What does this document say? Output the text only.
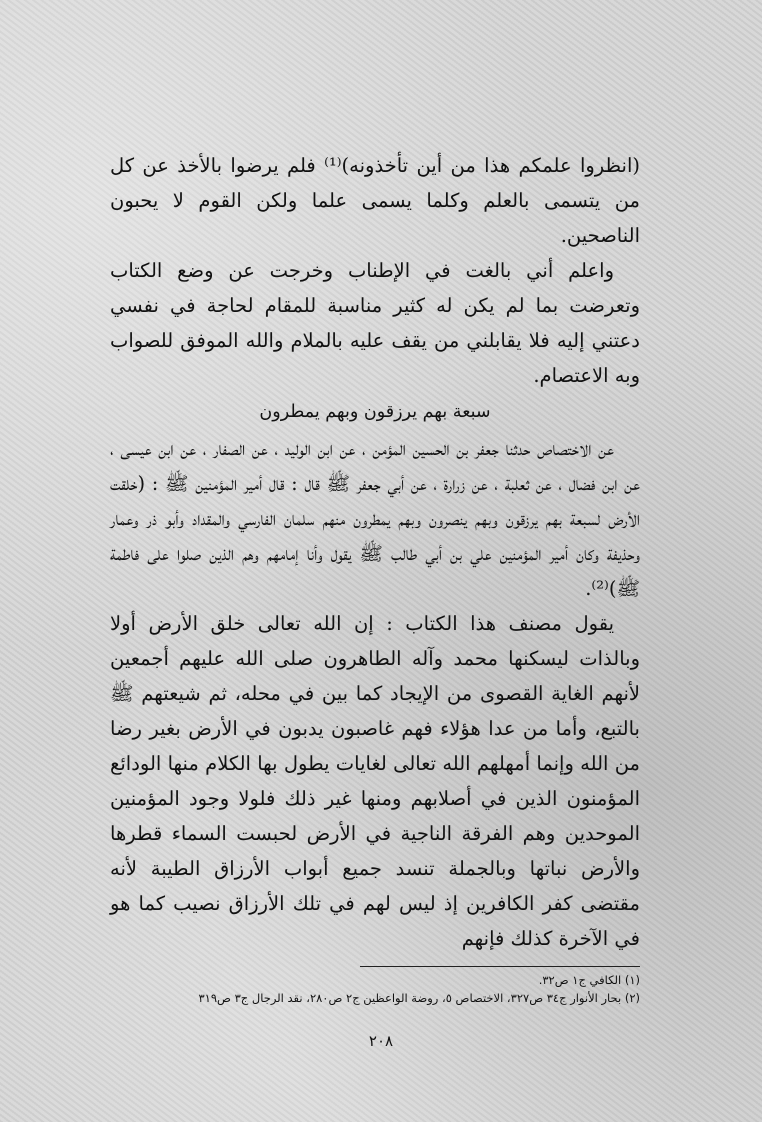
(انظروا علمكم هذا من أين تأخذونه)⁽¹⁾ فلم يرضوا بالأخذ عن كل من يتسمى بالعلم وكلما يسمى علما ولكن القوم لا يحبون الناصحين.

واعلم أني بالغت في الإطناب وخرجت عن وضع الكتاب وتعرضت بما لم يكن له كثير مناسبة للمقام لحاجة في نفسي دعتني إليه فلا يقابلني من يقف عليه بالملام والله الموفق للصواب وبه الاعتصام.

سبعة بهم يرزقون وبهم يمطرون

عن الاختصاص حدثنا جعفر بن الحسين المؤمن ، عن ابن الوليد ، عن الصفار ، عن ابن عيسى ، عن ابن فضال ، عن ثعلبة ، عن زرارة ، عن أبي جعفر ﷺ قال : قال أمير المؤمنين ﷺ : (خلقت الأرض لسبعة بهم يرزقون وبهم ينصرون وبهم يمطرون منهم سلمان الفارسي والمقداد وأبو ذر وعمار وحذيفة وكان أمير المؤمنين علي بن أبي طالب ﷺ يقول وأنا إمامهم وهم الذين صلوا على فاطمة ﷺ)⁽²⁾.

يقول مصنف هذا الكتاب : إن الله تعالى خلق الأرض أولا وبالذات ليسكنها محمد وآله الطاهرون صلى الله عليهم أجمعين لأنهم الغاية القصوى من الإيجاد كما بين في محله، ثم شيعتهم ﷺ بالتبع، وأما من عدا هؤلاء فهم غاصبون يدبون في الأرض بغير رضا من الله وإنما أمهلهم الله تعالى لغايات يطول بها الكلام منها الودائع المؤمنون الذين في أصلابهم ومنها غير ذلك فلولا وجود المؤمنين الموحدين وهم الفرقة الناجية في الأرض لحبست السماء قطرها والأرض نباتها وبالجملة تنسد جميع أبواب الأرزاق الطيبة لأنه مقتضى كفر الكافرين إذ ليس لهم في تلك الأرزاق نصيب كما هو في الآخرة كذلك فإنهم

(١) الكافي ج١ ص٣٢.

(٢) بحار الأنوار ج٣٤ ص٣٢٧، الاختصاص ٥، روضة الواعظين ج٢ ص٢٨٠، نقد الرجال ج٣ ص٣١٩

٢٠٨
